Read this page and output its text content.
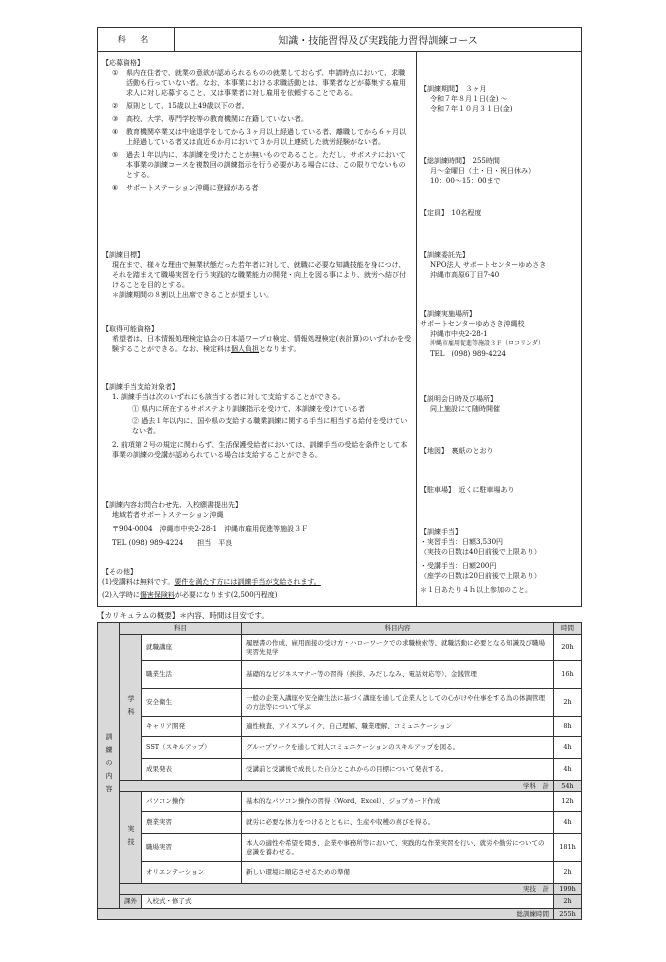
科 名	知識・技能習得及び実践能力習得訓練コース
【応募資格】
①	県内在住者で、就業の意欲が認められるものの就業しておらず、申請時点において、求職活動も行っていない者。なお、本事業における求職活動とは、事業者などが募集する雇用求人に対し応募すること、又は事業者に対し雇用を依頼することである。
②	原則として、15歳以上49歳以下の者。
③	高校、大学、専門学校等の教育機関に在籍していない者。
④	教育機関卒業又は中途退学をしてから３ヶ月以上経過している者、離職してから６ヶ月以上経過している者又は直近６か月において３か月以上連続した就労経験がない者。
⑤	過去１年以内に、本訓練を受けたことが無いものであること。ただし、サポステにおいて本事業の訓練コースを複数回の訓練指示を行う必要がある場合には、この限りでないものとする。
⑥	サポートステーション沖縄に登録がある者
【訓練目標】
現在まで、様々な理由で無業状態だった若年者に対して、就職に必要な知識技能を身につけ、それを踏まえて職場実習を行う実践的な職業能力の開発・向上を図る事により、就労へ結び付けることを目的とする。
＊訓練期間の８割以上出席できることが望ましい。
【取得可能資格】
希望者は、日本情報処理検定協会の日本語ワープロ検定、情報処理検定(表計算)のいずれかを受験することができる。なお、検定料は個人負担となります。
【訓練手当支給対象者】
1. 訓練手当は次のいずれにも該当する者に対して支給することができる。
① 県内に所在するサポステより訓練指示を受けて、本訓練を受けている者
② 過去１年以内に、国や県の支給する職業訓練に関する手当に相当する給付を受けていない者。
2. 前項第２号の規定に関わらず、生活保護受給者においては、訓練手当の受給を条件として本事業の訓練の受講が認められている場合は支給することができる。
【訓練内容お問合わせ先、入校願書提出先】
地域若者サポートステーション沖縄
〒904-0004　沖縄市中央2-28-1　沖縄市雇用促進等施設３Ｆ
TEL (098) 989-4224　　担当　平良
【その他】
(1)受講料は無料です。要件を満たす方には訓練手当が支給されます。
(2)入学時に傷害保険料が必要になります(2,500円程度)
【訓練期間】　 ３ヶ月
令和７年８月１日(金) ～
令和７年１０月３１日(金)
【総訓練時間】　 255時間
月～金曜日（土・日・祝日休み）
10：00～15：00まで
【定員】　 10名程度
【訓練委託先】
NPO法人 サポートセンターゆめさき
沖縄市高原6丁目7-40
【訓練実施場所】
サポートセンターゆめさき沖縄校
沖縄市中央2-28-1
沖縄市雇用促進等施設３Ｆ（ロコリンダ）
TEL　(098) 989-4224
【説明会日時及び場所】
同上施設にて随時開催
【地図】　 裏紙のとおり
【駐車場】　 近くに駐車場あり
【訓練手当】
・実習手当：日額3,530円
（実技の日数は40日前後で上限あり）
・受講手当：日額200円
（座学の日数は20日前後で上限あり）
＊１日あたり４ｈ以上参加のこと。
【カリキュラムの概要】＊内容、時間は目安です。
訓練の内容	科目		科目内容	時間
	学科	就職講座	履歴書の作成、雇用面接の受け方・ハローワークでの求職検索等、就職活動に必要となる知識及び職場実習先見学	20h
		職業生活	基礎的なビジネスマナー等の習得（挨拶、みだしなみ、電話対応等）、金銭管理	16h
		安全衛生	一般の企業入講座や安全衛生法に基づく講座を通して企業人としての心がけや仕事をする為の体調管理の方法等について学ぶ	2h
		キャリア開発	適性検査、アイスブレイク、自己理解、職業理解、コミュニケーション	8h
		SST（スキルアップ）	グループワークを通して対人コミュニケーションのスキルアップを図る。	4h
		成果発表	受講前と受講後で成長した自分とこれからの目標について発表する。	4h
	学科　計			54h
	実技	パソコン操作	基本的なパソコン操作の習得（Word、Excel）、ジョブカード作成	12h
		農業実習	就労に必要な体力をつけるとともに、生産や収穫の喜びを得る。	4h
		職場実習	本人の適性や希望を聞き、企業や事務所等において、実践的な作業実習を行い、就労や勤労についての意識を養わせる。	181h
		オリエンテーション	新しい環境に順応させるための準備	2h
	実技　計			199h
	課外	入校式・修了式		2h
総訓練時間				255h
